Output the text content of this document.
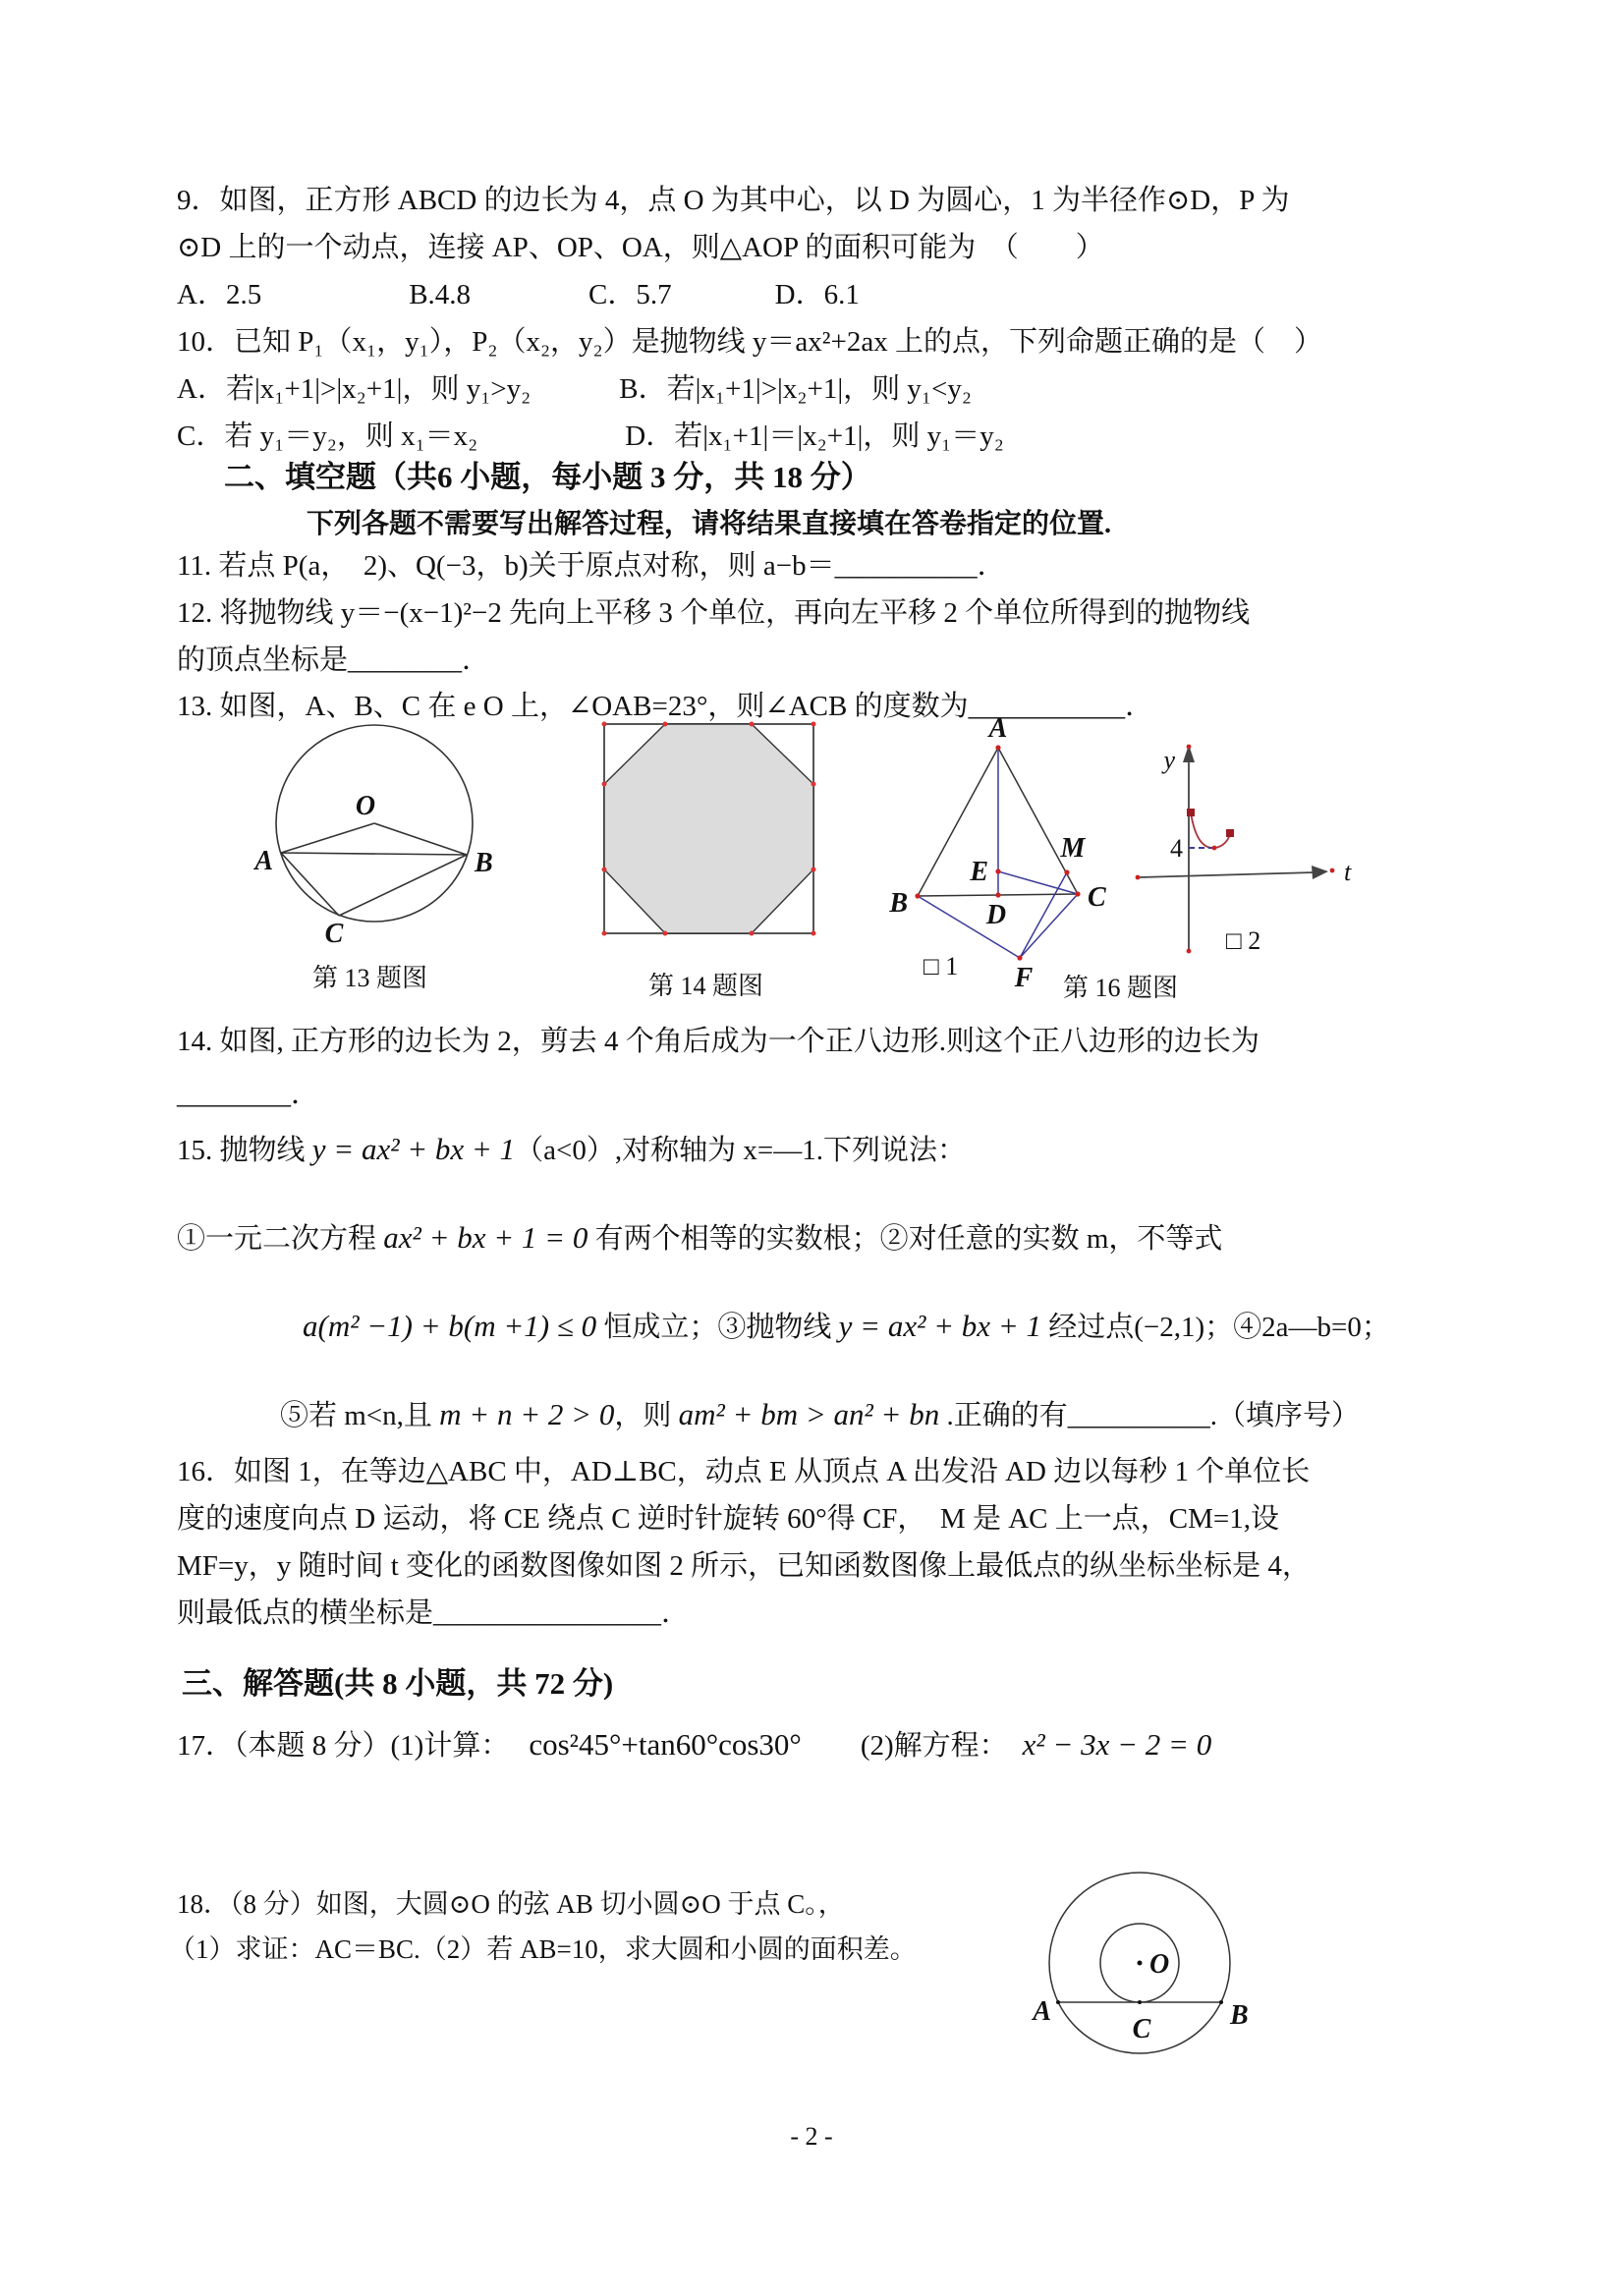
9．如图，正方形 ABCD 的边长为 4，点 O 为其中心，以 D 为圆心，1 为半径作⊙D，P 为
⊙D 上的一个动点，连接 AP、OP、OA，则△AOP 的面积可能为　（　　）
A．2.5	B.4.8	C．5.7	D．6.1
10．已知 P₁（x₁，y₁），P₂（x₂，y₂）是抛物线 y＝ax²+2ax 上的点，下列命题正确的是（　）
A．若|x₁+1|>|x₂+1|，则 y₁>y₂	B．若|x₁+1|>|x₂+1|，则 y₁<y₂
C．若 y₁＝y₂，则 x₁＝x₂	D．若|x₁+1|＝|x₂+1|，则 y₁＝y₂
二、填空题（共6 小题，每小题 3 分，共 18 分）
下列各题不需要写出解答过程，请将结果直接填在答卷指定的位置.
11. 若点 P(a，　2)、Q(−3，b)关于原点对称，则 a−b＝__________．
12. 将抛物线 y＝−(x−1)²−2 先向上平移 3 个单位，再向左平移 2 个单位所得到的抛物线
的顶点坐标是________．
13. 如图，A、B、C 在 e O 上，∠OAB=23°，则∠ACB 的度数为___________．
O
A	B
C
第 13 题图	第 14 题图
A
B	C
D
E
M
F
□ 1
y
t
4
□ 2
第 16 题图
14. 如图, 正方形的边长为 2，剪去 4 个角后成为一个正八边形.则这个正八边形的边长为
________．
15. 抛物线 y = ax² + bx + 1（a<0）,对称轴为 x=—1.下列说法：
①一元二次方程 ax² + bx + 1 = 0 有两个相等的实数根；②对任意的实数 m，不等式
a(m² −1) + b(m +1) ≤ 0 恒成立；③抛物线 y = ax² + bx + 1 经过点(−2,1)；④2a—b=0；
⑤若 m<n,且 m + n + 2 > 0，则 am² + bm > an² + bn .正确的有__________.（填序号）
16．如图 1，在等边△ABC 中，AD⊥BC，动点 E 从顶点 A 出发沿 AD 边以每秒 1 个单位长
度的速度向点 D 运动，将 CE 绕点 C 逆时针旋转 60°得 CF，　M 是 AC 上一点，CM=1,设
MF=y，y 随时间 t 变化的函数图像如图 2 所示，已知函数图像上最低点的纵坐标坐标是 4，
则最低点的横坐标是________________．
三、解答题(共 8 小题，共 72 分)
17．（本题 8 分）(1)计算： cos²45°+tan60°cos30° (2)解方程： x² − 3x − 2 = 0
18．（8 分）如图，大圆⊙O 的弦 AB 切小圆⊙O 于点 C。，
（1）求证：AC＝BC.（2）若 AB=10，求大圆和小圆的面积差。
A	B
C
O
- 2 -
